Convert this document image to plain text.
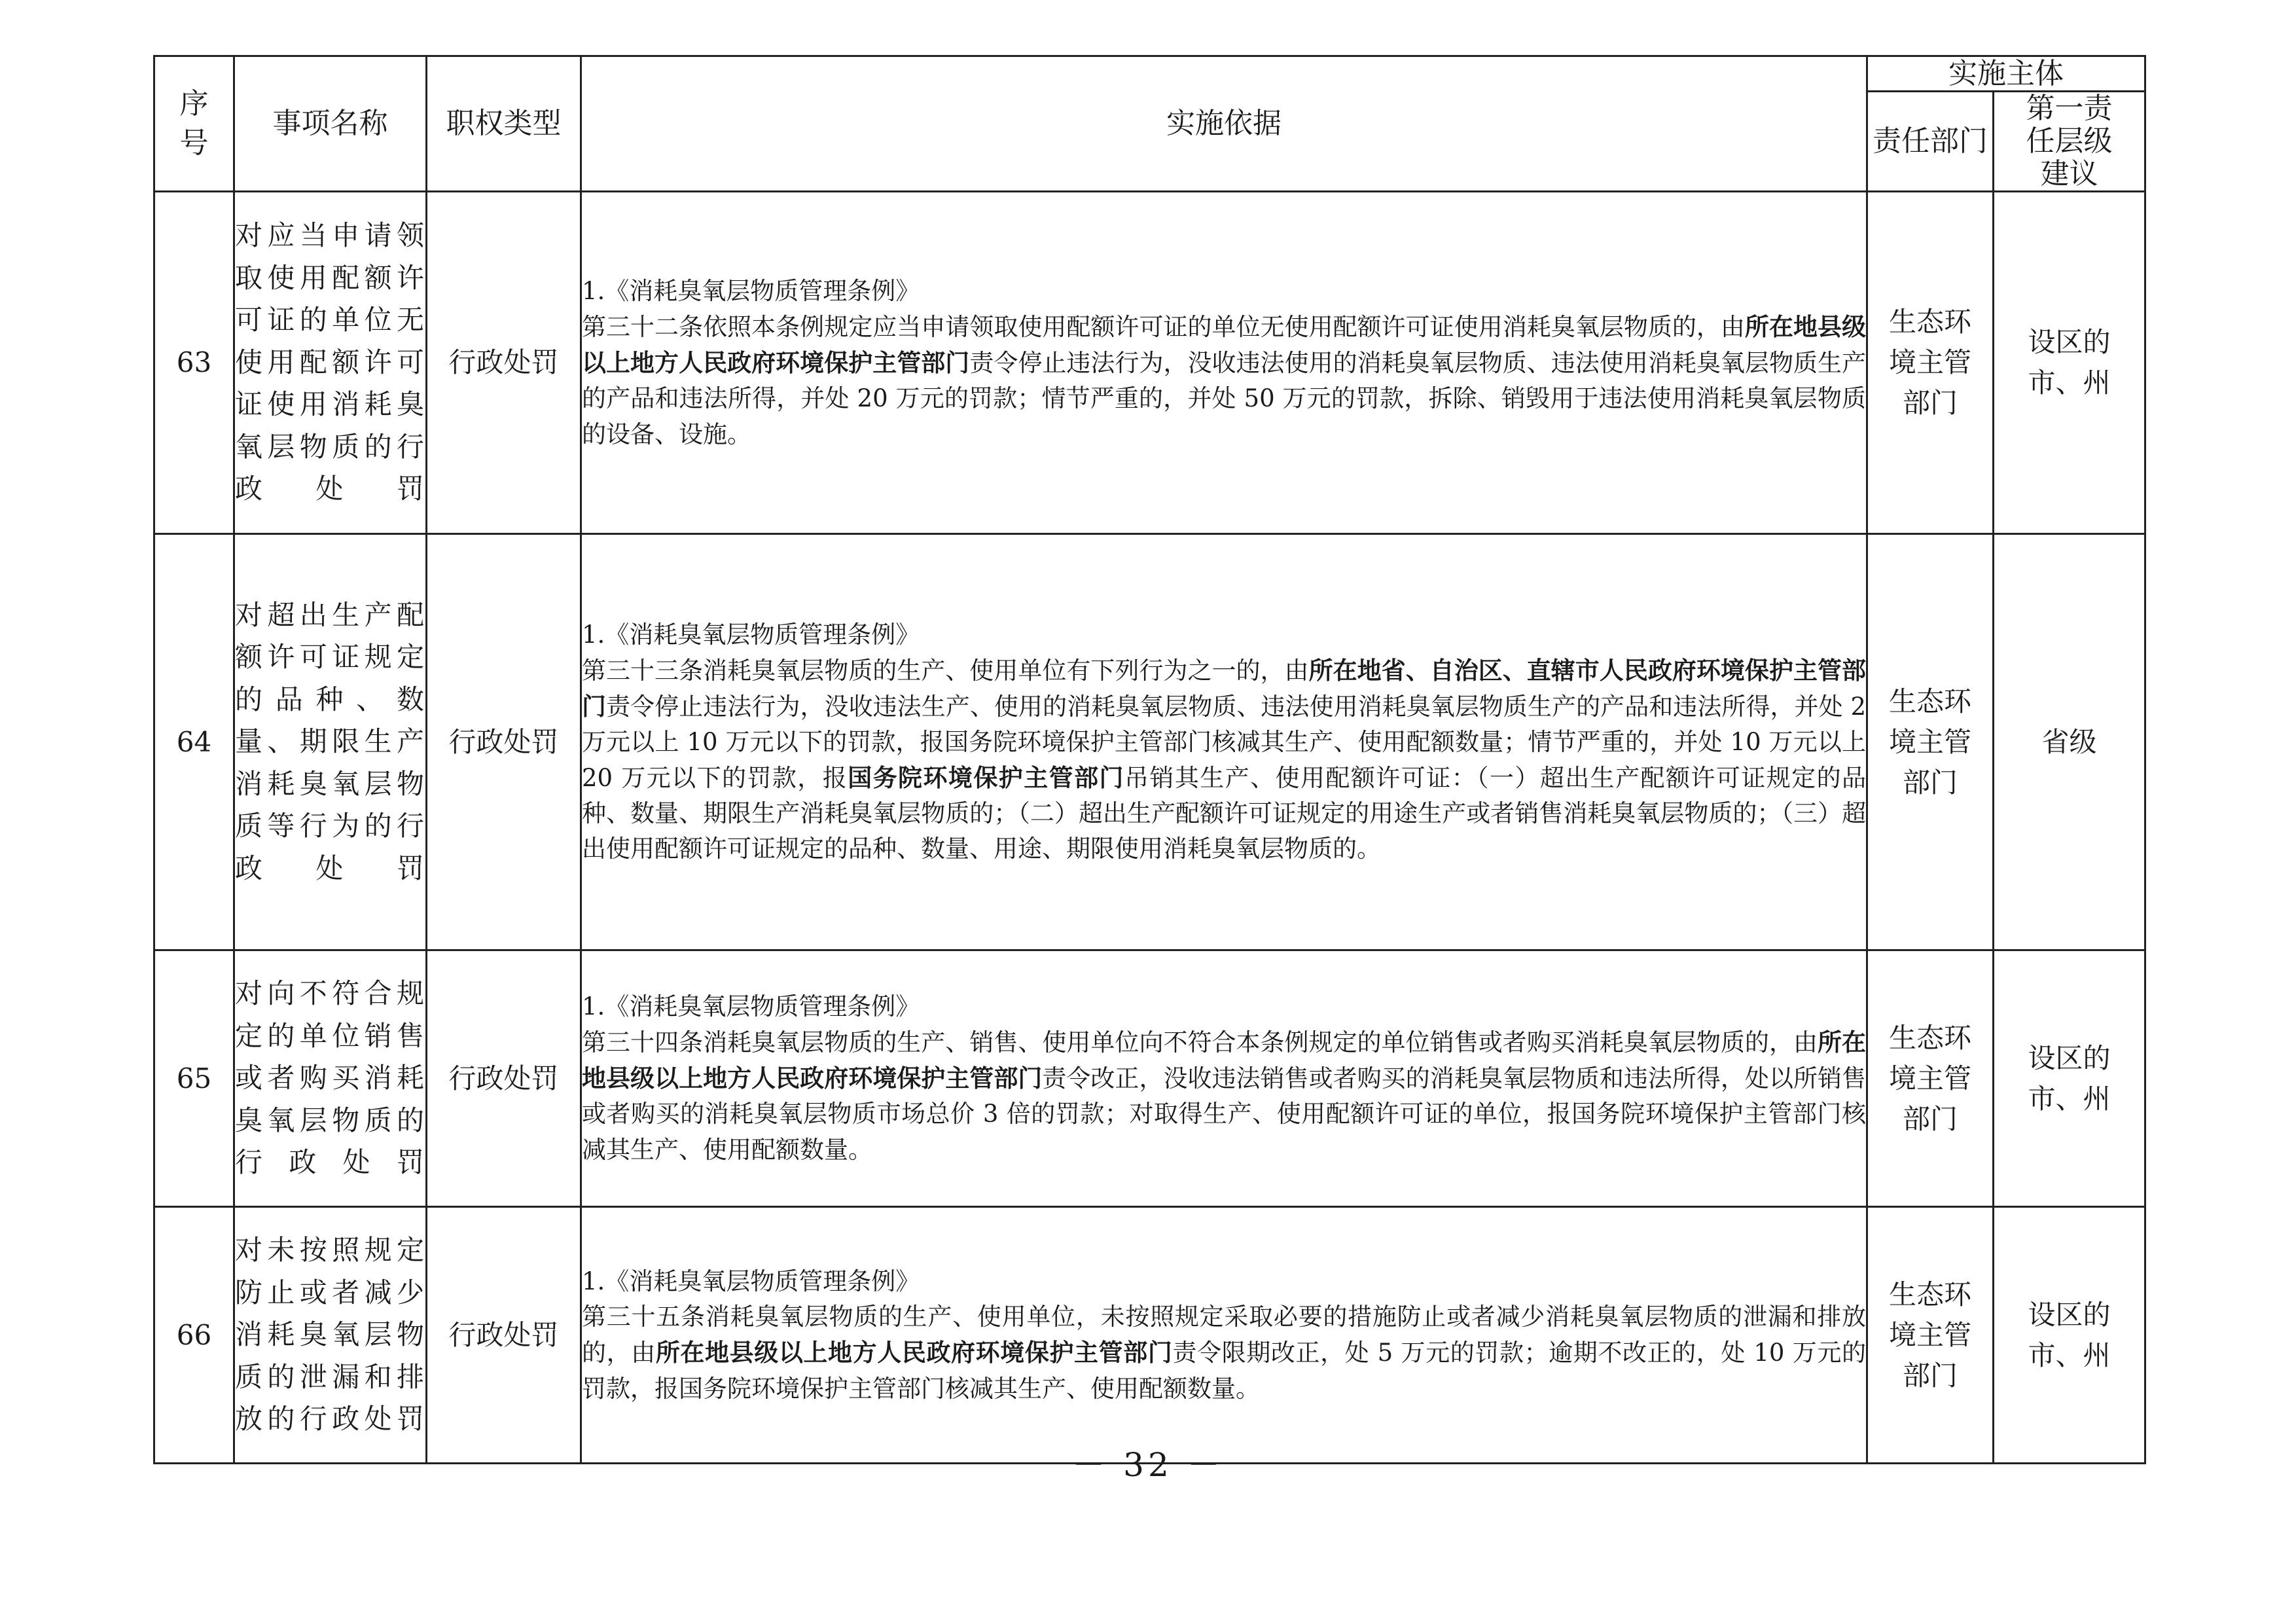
序号	事项名称	职权类型	实施依据	实施主体	
				责任部门	第一责任层级建议
63	对应当申请领取使用配额许可证的单位无使用配额许可证使用消耗臭氧层物质的行政处罚	行政处罚	1.《消耗臭氧层物质管理条例》
第三十二条依照本条例规定应当申请领取使用配额许可证的单位无使用配额许可证使用消耗臭氧层物质的，由所在地县级以上地方人民政府环境保护主管部门责令停止违法行为，没收违法使用的消耗臭氧层物质、违法使用消耗臭氧层物质生产的产品和违法所得，并处 20 万元的罚款；情节严重的，并处 50 万元的罚款，拆除、销毁用于违法使用消耗臭氧层物质的设备、设施。	生态环境主管部门	设区的市、州
64	对超出生产配额许可证规定的品种、数量、期限生产消耗臭氧层物质等行为的行政处罚	行政处罚	1.《消耗臭氧层物质管理条例》
第三十三条消耗臭氧层物质的生产、使用单位有下列行为之一的，由所在地省、自治区、直辖市人民政府环境保护主管部门责令停止违法行为，没收违法生产、使用的消耗臭氧层物质、违法使用消耗臭氧层物质生产的产品和违法所得，并处 2 万元以上 10 万元以下的罚款，报国务院环境保护主管部门核减其生产、使用配额数量；情节严重的，并处 10 万元以上 20 万元以下的罚款，报国务院环境保护主管部门吊销其生产、使用配额许可证：（一）超出生产配额许可证规定的品种、数量、期限生产消耗臭氧层物质的；（二）超出生产配额许可证规定的用途生产或者销售消耗臭氧层物质的；（三）超出使用配额许可证规定的品种、数量、用途、期限使用消耗臭氧层物质的。	生态环境主管部门	省级
65	对向不符合规定的单位销售或者购买消耗臭氧层物质的行政处罚	行政处罚	1.《消耗臭氧层物质管理条例》
第三十四条消耗臭氧层物质的生产、销售、使用单位向不符合本条例规定的单位销售或者购买消耗臭氧层物质的，由所在地县级以上地方人民政府环境保护主管部门责令改正，没收违法销售或者购买的消耗臭氧层物质和违法所得，处以所销售或者购买的消耗臭氧层物质市场总价 3 倍的罚款；对取得生产、使用配额许可证的单位，报国务院环境保护主管部门核减其生产、使用配额数量。	生态环境主管部门	设区的市、州
66	对未按照规定防止或者减少消耗臭氧层物质的泄漏和排放的行政处罚	行政处罚	1.《消耗臭氧层物质管理条例》
第三十五条消耗臭氧层物质的生产、使用单位，未按照规定采取必要的措施防止或者减少消耗臭氧层物质的泄漏和排放的，由所在地县级以上地方人民政府环境保护主管部门责令限期改正，处 5 万元的罚款；逾期不改正的，处 10 万元的罚款，报国务院环境保护主管部门核减其生产、使用配额数量。	生态环境主管部门	设区的市、州
－ 32 －
